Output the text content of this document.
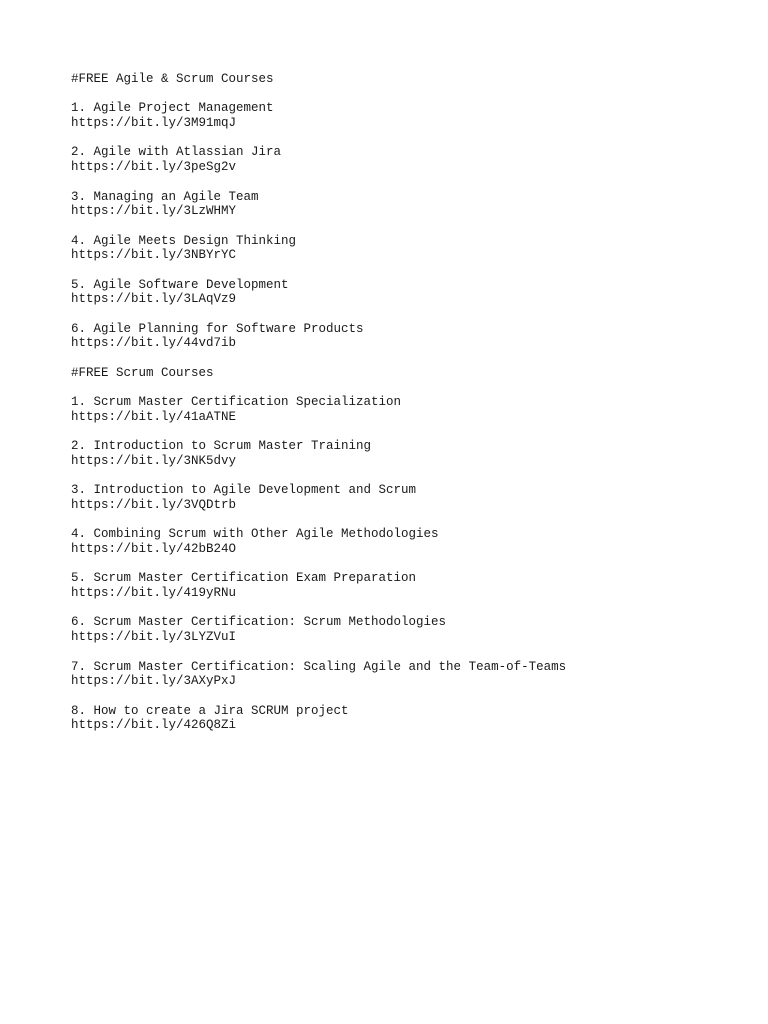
#FREE Agile & Scrum Courses
1. Agile Project Management
https://bit.ly/3M91mqJ
2. Agile with Atlassian Jira
https://bit.ly/3peSg2v
3. Managing an Agile Team
https://bit.ly/3LzWHMY
4. Agile Meets Design Thinking
https://bit.ly/3NBYrYC
5. Agile Software Development
https://bit.ly/3LAqVz9
6. Agile Planning for Software Products
https://bit.ly/44vd7ib
#FREE Scrum Courses
1. Scrum Master Certification Specialization
https://bit.ly/41aATNE
2. Introduction to Scrum Master Training
https://bit.ly/3NK5dvy
3. Introduction to Agile Development and Scrum
https://bit.ly/3VQDtrb
4. Combining Scrum with Other Agile Methodologies
https://bit.ly/42bB24O
5. Scrum Master Certification Exam Preparation
https://bit.ly/419yRNu
6. Scrum Master Certification: Scrum Methodologies
https://bit.ly/3LYZVuI
7. Scrum Master Certification: Scaling Agile and the Team-of-Teams
https://bit.ly/3AXyPxJ
8. How to create a Jira SCRUM project
https://bit.ly/426Q8Zi
